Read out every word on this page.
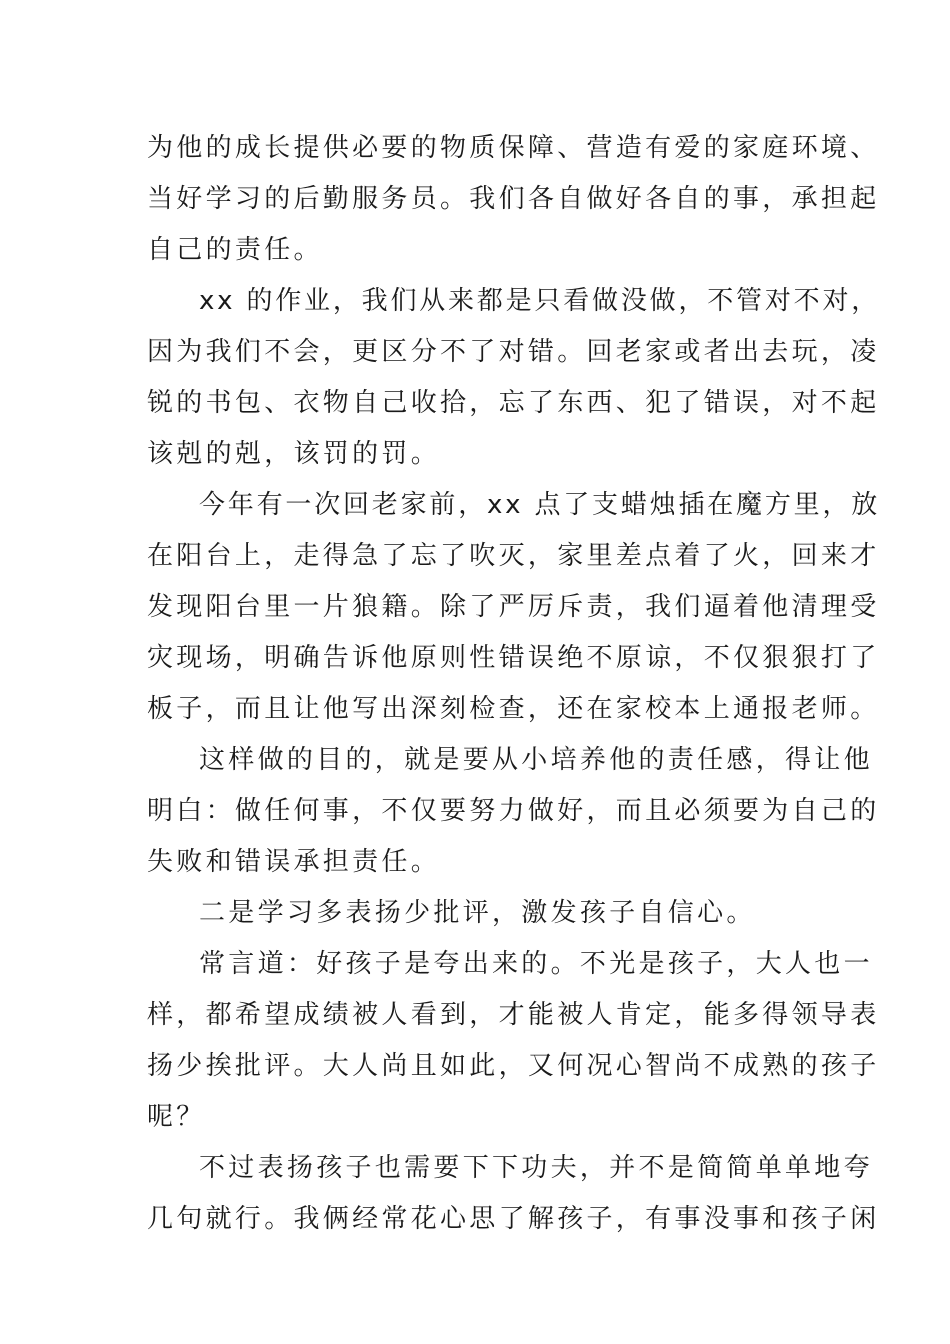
为他的成长提供必要的物质保障、营造有爱的家庭环境、
当好学习的后勤服务员。我们各自做好各自的事，承担起
自己的责任。
xx 的作业，我们从来都是只看做没做，不管对不对，
因为我们不会，更区分不了对错。回老家或者出去玩，凌
锐的书包、衣物自己收拾，忘了东西、犯了错误，对不起
该剋的剋，该罚的罚。
今年有一次回老家前，xx 点了支蜡烛插在魔方里，放
在阳台上，走得急了忘了吹灭，家里差点着了火，回来才
发现阳台里一片狼籍。除了严厉斥责，我们逼着他清理受
灾现场，明确告诉他原则性错误绝不原谅，不仅狠狠打了
板子，而且让他写出深刻检查，还在家校本上通报老师。
这样做的目的，就是要从小培养他的责任感，得让他
明白：做任何事，不仅要努力做好，而且必须要为自己的
失败和错误承担责任。
二是学习多表扬少批评，激发孩子自信心。
常言道：好孩子是夸出来的。不光是孩子，大人也一
样，都希望成绩被人看到，才能被人肯定，能多得领导表
扬少挨批评。大人尚且如此，又何况心智尚不成熟的孩子
呢？
不过表扬孩子也需要下下功夫，并不是简简单单地夸
几句就行。我俩经常花心思了解孩子，有事没事和孩子闲
